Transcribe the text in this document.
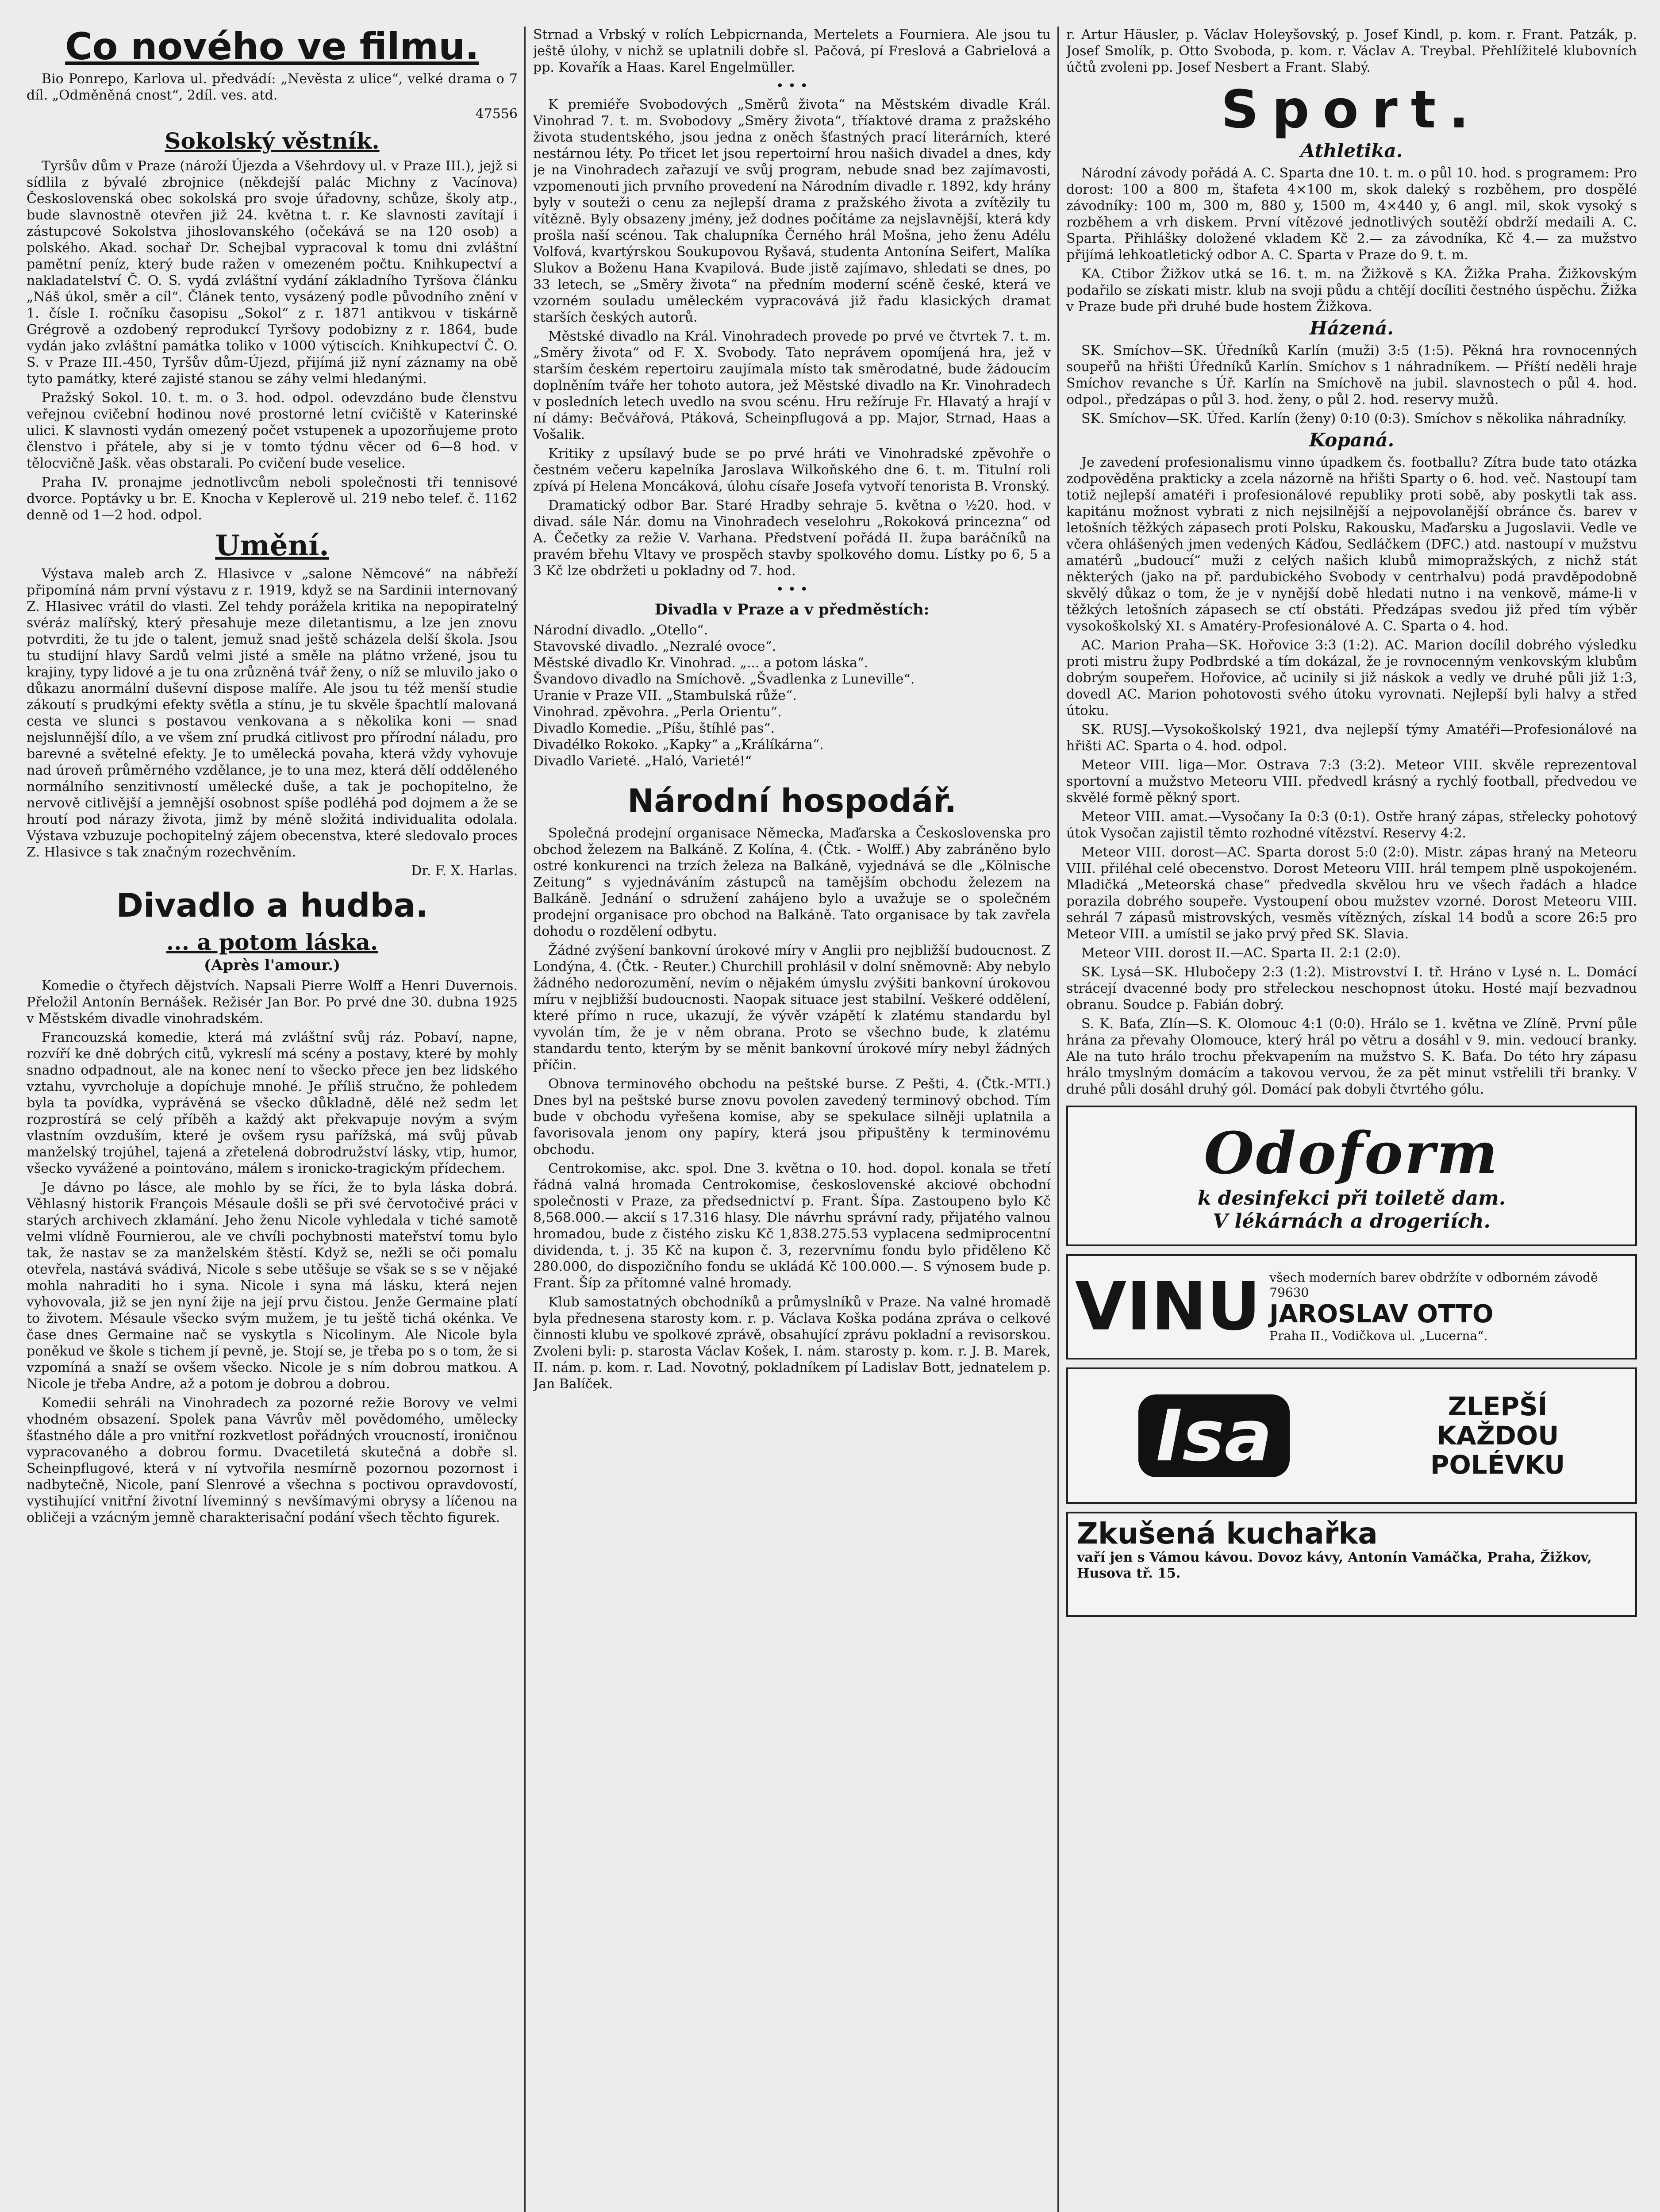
Co nového ve filmu.

Bio Ponrepo, Karlova ul. předvádí: „Nevěsta z ulice“, velké drama o 7 díl. „Odměněná cnost“, 2díl. ves. atd.

47556
Sokolský věstník.

Tyršův dům v Praze (nároží Újezda a Všehrdovy ul. v Praze III.), jejž si sídlila z bývalé zbrojnice (někdejší palác Michny z Vacínova) Československá obec sokolská pro svoje úřadovny, schůze, školy atp., bude slavnostně otevřen již 24. května t. r. Ke slavnosti zavítají i zástupcové Sokolstva jihoslovanského (očekává se na 120 osob) a polského. Akad. sochař Dr. Schejbal vypracoval k tomu dni zvláštní pamětní peníz, který bude ražen v omezeném počtu. Knihkupectví a nakladatelství Č. O. S. vydá zvláštní vydání základního Tyršova článku „Náš úkol, směr a cíl“. Článek tento, vysázený podle původního znění v 1. čísle I. ročníku časopisu „Sokol“ z r. 1871 antikvou v tiskárně Grégrově a ozdobený reprodukcí Tyršovy podobizny z r. 1864, bude vydán jako zvláštní památka toliko v 1000 výtiscích. Knihkupectví Č. O. S. v Praze III.-450, Tyršův dům-Újezd, přijímá již nyní záznamy na obě tyto památky, které zajisté stanou se záhy velmi hledanými.

Pražský Sokol. 10. t. m. o 3. hod. odpol. odevzdáno bude členstvu veřejnou cvičební hodinou nové prostorné letní cvičiště v Katerinské ulici. K slavnosti vydán omezený počet vstupenek a upozorňujeme proto členstvo i přátele, aby si je v tomto týdnu věcer od 6—8 hod. v tělocvičně Jašk. věas obstarali. Po cvičení bude veselice.

Praha IV. pronajme jednotlivcům neboli společnosti tři tennisové dvorce. Poptávky u br. E. Knocha v Keplerově ul. 219 nebo telef. č. 1162 denně od 1—2 hod. odpol.

Umění.

Výstava maleb arch Z. Hlasivce v „salone Němcové“ na nábřeží připomíná nám první výstavu z r. 1919, když se na Sardinii internovaný Z. Hlasivec vrátil do vlasti. Zel tehdy porážela kritika na nepopiratelný svéráz malířský, který přesahuje meze diletantismu, a lze jen znovu potvrditi, že tu jde o talent, jemuž snad ještě scházela delší škola. Jsou tu studijní hlavy Sardů velmi jisté a směle na plátno vržené, jsou tu krajiny, typy lidové a je tu ona zrůzněná tvář ženy, o níž se mluvilo jako o důkazu anormální duševní dispose malíře. Ale jsou tu též menší studie zákoutí s prudkými efekty světla a stínu, je tu skvěle špachtlí malovaná cesta ve slunci s postavou venkovana a s několika koni — snad nejslunnější dílo, a ve všem zní prudká citlivost pro přírodní náladu, pro barevné a světelné efekty. Je to umělecká povaha, která vždy vyhovuje nad úroveň průměrného vzdělance, je to una mez, která dělí odděleného normálního senzitivností umělecké duše, a tak je pochopitelno, že nervově citlivější a jemnější osobnost spíše podléhá pod dojmem a že se hroutí pod nárazy života, jimž by méně složitá individualita odolala. Výstava vzbuzuje pochopitelný zájem obecenstva, které sledovalo proces Z. Hlasivce s tak značným rozechvěním.

Dr. F. X. Harlas.
Divadlo a hudba.
... a potom láska.
(Après l'amour.)

Komedie o čtyřech dějstvích. Napsali Pierre Wolff a Henri Duvernois. Přeložil Antonín Bernášek. Režisér Jan Bor. Po prvé dne 30. dubna 1925 v Městském divadle vinohradském.

Francouzská komedie, která má zvláštní svůj ráz. Pobaví, napne, rozvíří ke dně dobrých citů, vykreslí má scény a postavy, které by mohly snadno odpadnout, ale na konec není to všecko přece jen bez lidského vztahu, vyvrcholuje a dopíchuje mnohé. Je příliš stručno, že pohledem byla ta povídka, vyprávěná se všecko důkladně, dělé než sedm let rozprostírá se celý příběh a každý akt překvapuje novým a svým vlastním ovzduším, které je ovšem rysu pařížská, má svůj půvab manželský trojúhel, tajená a zřetelená dobrodružství lásky, vtip, humor, všecko vyvážené a pointováno, málem s ironicko-tragickým přídechem.

Je dávno po lásce, ale mohlo by se říci, že to byla láska dobrá. Věhlasný historik François Mésaule došli se při své červotočivé práci v starých archivech zklamání. Jeho ženu Nicole vyhledala v tiché samotě velmi vlídně Fournierou, ale ve chvíli pochybnosti mateřství tomu bylo tak, že nastav se za manželském štěstí. Když se, nežli se oči pomalu otevřela, nastává svádivá, Nicole s sebe utěšuje se však se s se v nějaké mohla nahraditi ho i syna. Nicole i syna má lásku, která nejen vyhovovala, již se jen nyní žije na její prvu čistou. Jenže Germaine platí to životem. Mésaule všecko svým mužem, je tu ještě tichá okénka. Ve čase dnes Germaine nač se vyskytla s Nicolinym. Ale Nicole byla poněkud ve škole s tichem jí pevně, je. Stojí se, je třeba po s o tom, že si vzpomíná a snaží se ovšem všecko. Nicole je s ním dobrou matkou. A Nicole je třeba Andre, až a potom je dobrou a dobrou.

Komedii sehráli na Vinohradech za pozorné režie Borovy ve velmi vhodném obsazení. Spolek pana Vávrův měl povědomého, umělecky šťastného dále a pro vnitřní rozkvetlost pořádných vroucností, ironičnou vypracovaného a dobrou formu. Dvacetiletá skutečná a dobře sl. Scheinpflugové, která v ní vytvořila nesmírně pozornou pozornost i nadbytečně, Nicole, paní Slenrové a všechna s poctivou opravdovostí, vystihující vnitřní životní líveminný s nevšímavými obrysy a líčenou na obličeji a vzácným jemně charakterisační podání všech těchto figurek.

Strnad a Vrbský v rolích Lebpicrnanda, Mertelets a Fourniera. Ale jsou tu ještě úlohy, v nichž se uplatnili dobře sl. Pačová, pí Freslová a Gabrielová a pp. Kovařík a Haas. Karel Engelmüller.

• • •

K premiéře Svobodových „Směrů života“ na Městském divadle Král. Vinohrad 7. t. m. Svobodovy „Směry života“, tříaktové drama z pražského života studentského, jsou jedna z oněch šťastných prací literárních, které nestárnou léty. Po třicet let jsou repertoirní hrou našich divadel a dnes, kdy je na Vinohradech zařazují ve svůj program, nebude snad bez zajímavosti, vzpomenouti jich prvního provedení na Národním divadle r. 1892, kdy hrány byly v souteži o cenu za nejlepší drama z pražského života a zvítězily tu vítězně. Byly obsazeny jmény, jež dodnes počítáme za nejslavnější, která kdy prošla naší scénou. Tak chalupníka Černého hrál Mošna, jeho ženu Adélu Volfová, kvartýrskou Soukupovou Ryšavá, studenta Antonína Seifert, Malíka Slukov a Boženu Hana Kvapilová. Bude jistě zajímavo, shledati se dnes, po 33 letech, se „Směry života“ na předním moderní scéně české, která ve vzorném souladu uměleckém vypracovává již řadu klasických dramat starších českých autorů.

Městské divadlo na Král. Vinohradech provede po prvé ve čtvrtek 7. t. m. „Směry života“ od F. X. Svobody. Tato neprávem opomíjená hra, jež v starším českém repertoiru zaujímala místo tak směrodatné, bude žádoucím doplněním tváře her tohoto autora, jež Městské divadlo na Kr. Vinohradech v posledních letech uvedlo na svou scénu. Hru režíruje Fr. Hlavatý a hrají v ní dámy: Bečvářová, Ptáková, Scheinpflugová a pp. Major, Strnad, Haas a Vošalik.

Kritiky z upsílavý bude se po prvé hráti ve Vinohradské zpěvohře o čestném večeru kapelníka Jaroslava Wilkoňského dne 6. t. m. Titulní roli zpívá pí Helena Moncáková, úlohu císaře Josefa vytvoří tenorista B. Vronský.

Dramatický odbor Bar. Staré Hradby sehraje 5. května o ½20. hod. v divad. sále Nár. domu na Vinohradech veselohru „Rokoková princezna“ od A. Čečetky za režie V. Varhana. Předstvení pořádá II. župa baráčníků na pravém břehu Vltavy ve prospěch stavby spolkového domu. Lístky po 6, 5 a 3 Kč lze obdržeti u pokladny od 7. hod.

• • •
Divadla v Praze a v předměstích:
Národní divadlo. „Otello“.
Stavovské divadlo. „Nezralé ovoce“.
Městské divadlo Kr. Vinohrad. „... a potom láska“.
Švandovo divadlo na Smíchově. „Švadlenka z Luneville“.
Uranie v Praze VII. „Stambulská růže“.
Vinohrad. zpěvohra. „Perla Orientu“.
Divadlo Komedie. „Píšu, štíhlé pas“.
Divadélko Rokoko. „Kapky“ a „Králíkárna“.
Divadlo Varieté. „Haló, Varieté!“
Národní hospodář.

Společná prodejní organisace Německa, Maďarska a Československa pro obchod železem na Balkáně. Z Kolína, 4. (Čtk. - Wolff.) Aby zabráněno bylo ostré konkurenci na trzích železa na Balkáně, vyjednává se dle „Kölnische Zeitung“ s vyjednáváním zástupců na tamějším obchodu železem na Balkáně. Jednání o sdružení zahájeno bylo a uvažuje se o společném prodejní organisace pro obchod na Balkáně. Tato organisace by tak zavřela dohodu o rozdělení odbytu.

Žádné zvýšení bankovní úrokové míry v Anglii pro nejbližší budoucnost. Z Londýna, 4. (Čtk. - Reuter.) Churchill prohlásil v dolní sněmovně: Aby nebylo žádného nedorozumění, nevím o nějakém úmyslu zvýšiti bankovní úrokovou míru v nejbližší budoucnosti. Naopak situace jest stabilní. Veškeré oddělení, které přímo n ruce, ukazují, že vývěr vzápětí k zlatému standardu byl vyvolán tím, že je v něm obrana. Proto se všechno bude, k zlatému standardu tento, kterým by se měnit bankovní úrokové míry nebyl žádných příčin.

Obnova terminového obchodu na peštské burse. Z Pešti, 4. (Čtk.-MTI.) Dnes byl na peštské burse znovu povolen zavedený terminový obchod. Tím bude v obchodu vyřešena komise, aby se spekulace silněji uplatnila a favorisovala jenom ony papíry, která jsou připuštěny k terminovému obchodu.

Centrokomise, akc. spol. Dne 3. května o 10. hod. dopol. konala se třetí řádná valná hromada Centrokomise, československé akciové obchodní společnosti v Praze, za předsednictví p. Frant. Šípa. Zastoupeno bylo Kč 8,568.000.— akcií s 17.316 hlasy. Dle návrhu správní rady, přijatého valnou hromadou, bude z čistého zisku Kč 1,838.275.53 vyplacena sedmiprocentní dividenda, t. j. 35 Kč na kupon č. 3, rezervnímu fondu bylo přiděleno Kč 280.000, do dispozičního fondu se ukládá Kč 100.000.—. S výnosem bude p. Frant. Šíp za přítomné valné hromady.

Klub samostatných obchodníků a průmyslníků v Praze. Na valné hromadě byla přednesena starosty kom. r. p. Václava Koška podána zpráva o celkové činnosti klubu ve spolkové zprávě, obsahující zprávu pokladní a revisorskou. Zvoleni byli: p. starosta Václav Košek, I. nám. starosty p. kom. r. J. B. Marek, II. nám. p. kom. r. Lad. Novotný, pokladníkem pí Ladislav Bott, jednatelem p. Jan Balíček.

r. Artur Häusler, p. Václav Holeyšovský, p. Josef Kindl, p. kom. r. Frant. Patzák, p. Josef Smolík, p. Otto Svoboda, p. kom. r. Václav A. Treybal. Přehlížitelé klubovních účtů zvoleni pp. Josef Nesbert a Frant. Slabý.

Sport.
Athletika.

Národní závody pořádá A. C. Sparta dne 10. t. m. o půl 10. hod. s programem: Pro dorost: 100 a 800 m, štafeta 4×100 m, skok daleký s rozběhem, pro dospělé závodníky: 100 m, 300 m, 880 y, 1500 m, 4×440 y, 6 angl. mil, skok vysoký s rozběhem a vrh diskem. První vítězové jednotlivých soutěží obdrží medaili A. C. Sparta. Přihlášky doložené vkladem Kč 2.— za závodníka, Kč 4.— za mužstvo přijímá lehkoatletický odbor A. C. Sparta v Praze do 9. t. m.

KA. Ctibor Žižkov utká se 16. t. m. na Žižkově s KA. Žižka Praha. Žižkovským podařilo se získati mistr. klub na svoji půdu a chtějí docíliti čestného úspěchu. Žižka v Praze bude při druhé bude hostem Žižkova.

Házená.

SK. Smíchov—SK. Úředníků Karlín (muži) 3:5 (1:5). Pěkná hra rovnocenných soupeřů na hřišti Úředníků Karlín. Smíchov s 1 náhradníkem. — Příští neděli hraje Smíchov revanche s Úř. Karlín na Smíchově na jubil. slavnostech o půl 4. hod. odpol., předzápas o půl 3. hod. ženy, o půl 2. hod. reservy mužů.

SK. Smíchov—SK. Úřed. Karlín (ženy) 0:10 (0:3). Smíchov s několika náhradníky.

Kopaná.

Je zavedení profesionalismu vinno úpadkem čs. footballu? Zítra bude tato otázka zodpověděna prakticky a zcela názorně na hřišti Sparty o 6. hod. več. Nastoupí tam totiž nejlepší amatéři i profesionálové republiky proti sobě, aby poskytli tak ass. kapitánu možnost vybrati z nich nejsilnější a nejpovolanější obránce čs. barev v letošních těžkých zápasech proti Polsku, Rakousku, Maďarsku a Jugoslavii. Vedle ve včera ohlášených jmen vedených Káďou, Sedláčkem (DFC.) atd. nastoupí v mužstvu amatérů „budoucí“ muži z celých našich klubů mimopražských, z nichž stát některých (jako na př. pardubického Svobody v centrhalvu) podá pravděpodobně skvělý důkaz o tom, že je v nynější době hledati nutno i na venkově, máme-li v těžkých letošních zápasech se ctí obstáti. Předzápas svedou již před tím výběr vysokoškolský XI. s Amatéry-Profesionálové A. C. Sparta o 4. hod.

AC. Marion Praha—SK. Hořovice 3:3 (1:2). AC. Marion docílil dobrého výsledku proti mistru župy Podbrdské a tím dokázal, že je rovnocenným venkovským klubům dobrým soupeřem. Hořovice, ač ucinily si již náskok a vedly ve druhé půli již 1:3, dovedl AC. Marion pohotovosti svého útoku vyrovnati. Nejlepší byli halvy a střed útoku.

SK. RUSJ.—Vysokoškolský 1921, dva nejlepší týmy Amatéři—Profesionálové na hřišti AC. Sparta o 4. hod. odpol.

Meteor VIII. liga—Mor. Ostrava 7:3 (3:2). Meteor VIII. skvěle reprezentoval sportovní a mužstvo Meteoru VIII. předvedl krásný a rychlý football, předvedou ve skvělé formě pěkný sport.

Meteor VIII. amat.—Vysočany Ia 0:3 (0:1). Ostře hraný zápas, střelecky pohotový útok Vysočan zajistil těmto rozhodné vítězství. Reservy 4:2.

Meteor VIII. dorost—AC. Sparta dorost 5:0 (2:0). Mistr. zápas hraný na Meteoru VIII. přiléhal celé obecenstvo. Dorost Meteoru VIII. hrál tempem plně uspokojeném. Mladičká „Meteorská chase“ předvedla skvělou hru ve všech řadách a hladce porazila dobrého soupeře. Vystoupení obou mužstev vzorné. Dorost Meteoru VIII. sehrál 7 zápasů mistrovských, vesměs vítězných, získal 14 bodů a score 26:5 pro Meteor VIII. a umístil se jako prvý před SK. Slavia.

Meteor VIII. dorost II.—AC. Sparta II. 2:1 (2:0).

SK. Lysá—SK. Hlubočepy 2:3 (1:2). Mistrovství I. tř. Hráno v Lysé n. L. Domácí strácejí dvacenné body pro střeleckou neschopnost útoku. Hosté mají bezvadnou obranu. Soudce p. Fabián dobrý.

S. K. Baťa, Zlín—S. K. Olomouc 4:1 (0:0). Hrálo se 1. května ve Zlíně. První půle hrána za převahy Olomouce, který hrál po větru a dosáhl v 9. min. vedoucí branky. Ale na tuto hrálo trochu překvapením na mužstvo S. K. Baťa. Do této hry zápasu hrálo tmyslným domácím a takovou vervou, že za pět minut vstřelili tři branky. V druhé půli dosáhl druhý gól. Domácí pak dobyli čtvrtého gólu.

Odoform
k desinfekci při toiletě dam.
V lékárnách a drogeriích.
VINU všech moderních barev obdržíte v odborném závodě 79630
JAROSLAV OTTO
Praha II., Vodičkova ul. „Lucerna“.
Isa	ZLEPŠÍ
KAŽDOU
POLÉVKU
Zkušená kuchařka
vaří jen s Vámou kávou. Dovoz kávy, Antonín Vamáčka, Praha, Žižkov, Husova tř. 15.
